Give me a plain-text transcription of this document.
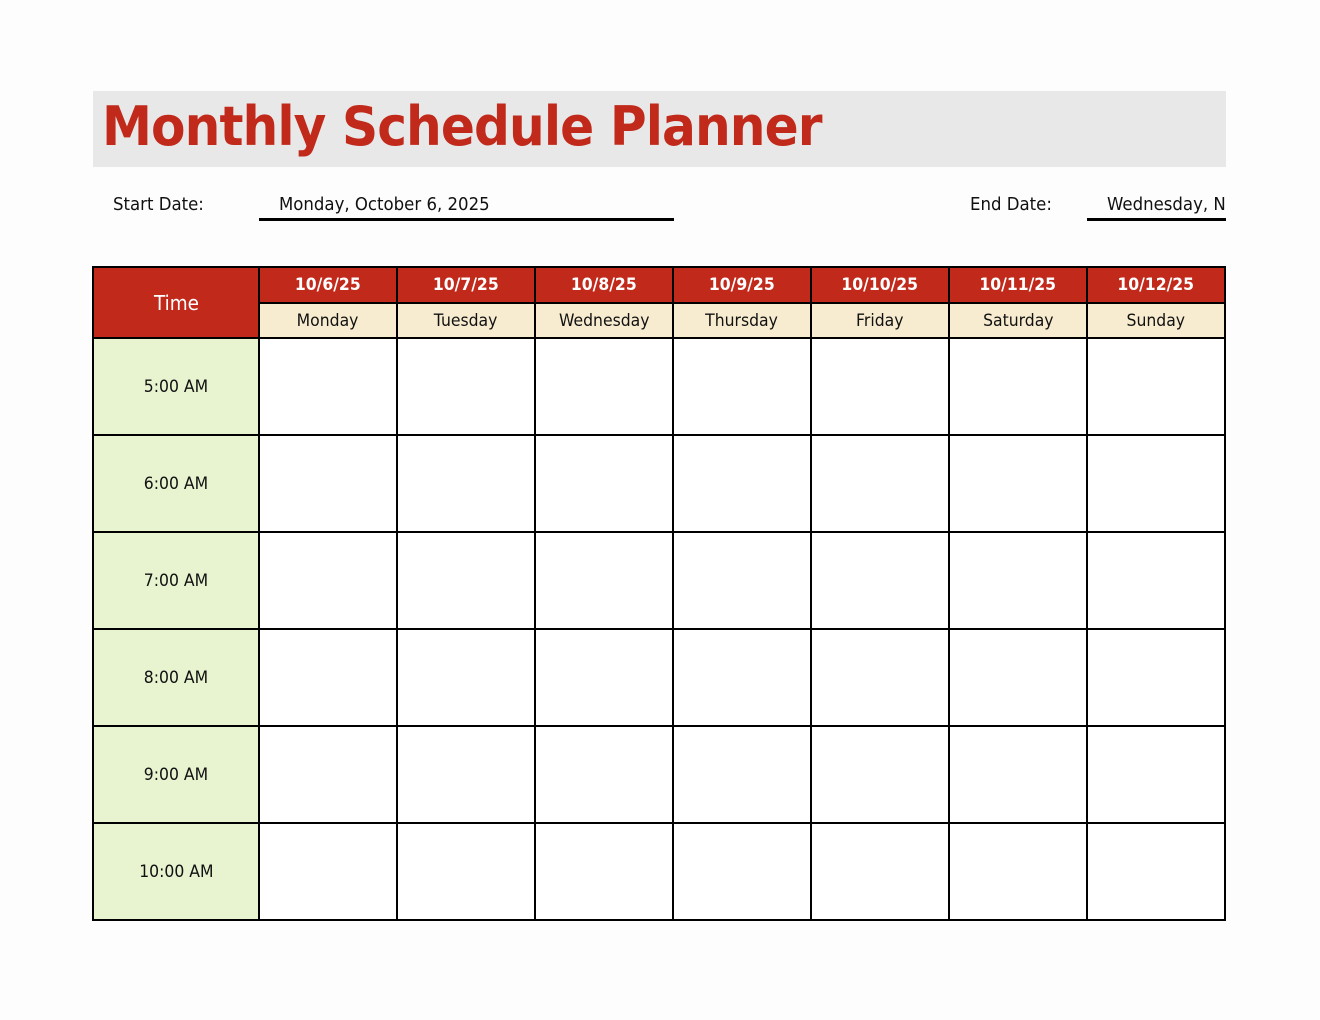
Monthly Schedule Planner
Start Date:	Monday, October 6, 2025	End Date:	Wednesday, N
Time	10/6/25	10/7/25	10/8/25	10/9/25	10/10/25	10/11/25	10/12/25
	Monday	Tuesday	Wednesday	Thursday	Friday	Saturday	Sunday
5:00 AM							
6:00 AM							
7:00 AM							
8:00 AM							
9:00 AM							
10:00 AM							
